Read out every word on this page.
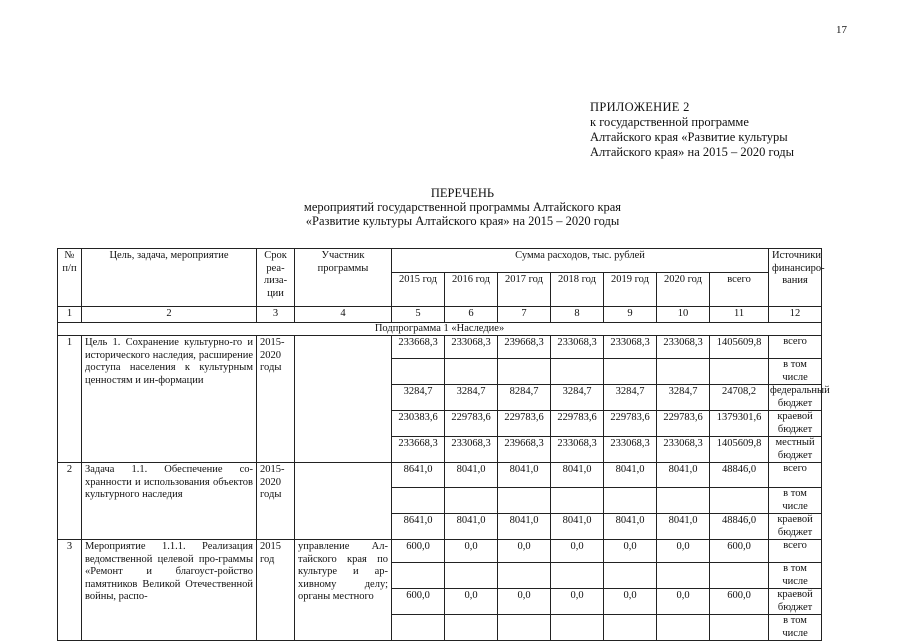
17
ПРИЛОЖЕНИЕ 2
к государственной программе
Алтайского края «Развитие культуры
Алтайского края» на 2015 – 2020 годы
ПЕРЕЧЕНЬ
мероприятий государственной программы Алтайского края
«Развитие культуры Алтайского края» на 2015 – 2020 годы
№ п/п	Цель, задача, мероприятие	Срок реа-лиза-ции	Участник программы	Сумма расходов, тыс. рублей							Источники финансиро-вания
				2015 год	2016 год	2017 год	2018 год	2019 год	2020 год	всего	
1	2	3	4	5	6	7	8	9	10	11	12
Подпрограмма 1 «Наследие»											
1	Цель 1. Сохранение культурно-го и исторического наследия, расширение доступа населения к культурным ценностям и ин-формации	2015-2020 годы		233668,3	233068,3	239668,3	233068,3	233068,3	233068,3	1405609,8	всего
											в том числе
				3284,7	3284,7	8284,7	3284,7	3284,7	3284,7	24708,2	федеральный бюджет
				230383,6	229783,6	229783,6	229783,6	229783,6	229783,6	1379301,6	краевой бюджет
				233668,3	233068,3	239668,3	233068,3	233068,3	233068,3	1405609,8	местный бюджет
2	Задача 1.1. Обеспечение со-хранности и использования объектов культурного наследия	2015-2020 годы		8641,0	8041,0	8041,0	8041,0	8041,0	8041,0	48846,0	всего
											в том числе
				8641,0	8041,0	8041,0	8041,0	8041,0	8041,0	48846,0	краевой бюджет
3	Мероприятие 1.1.1. Реализация ведомственной целевой про-граммы «Ремонт и благоуст-ройство памятников Великой Отечественной войны, распо-	2015 год	управление Ал-тайского края по культуре и ар-хивному делу; органы местного	600,0	0,0	0,0	0,0	0,0	0,0	600,0	всего
											в том числе
				600,0	0,0	0,0	0,0	0,0	0,0	600,0	краевой бюджет
											в том числе
